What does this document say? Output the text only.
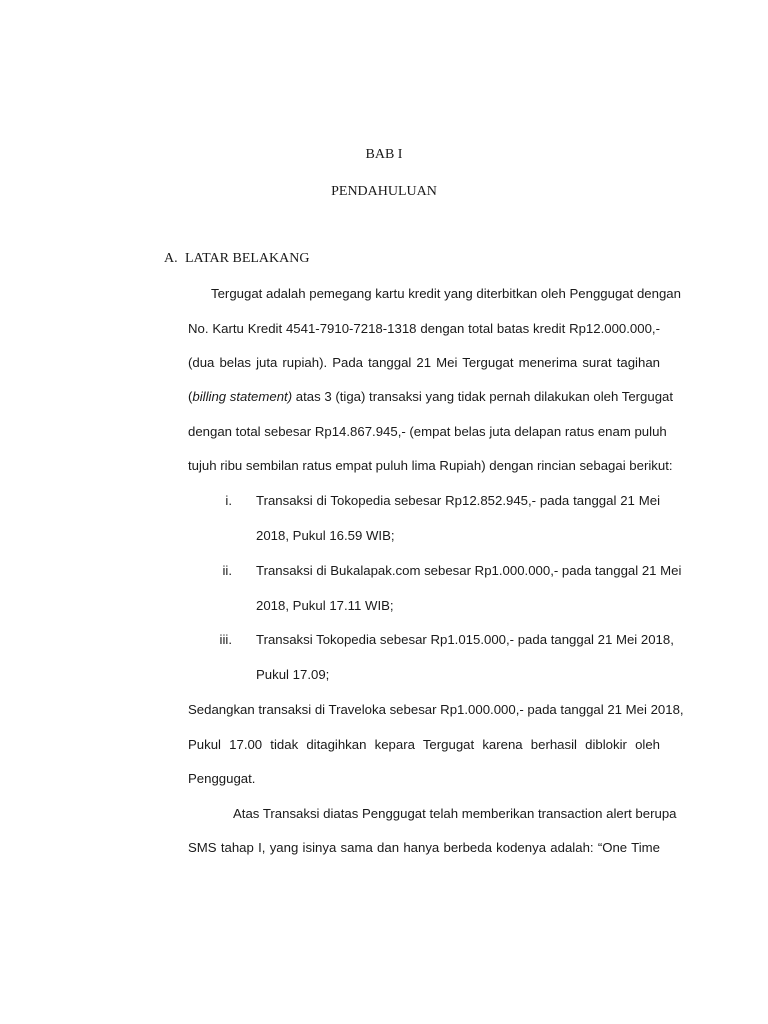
BAB I
PENDAHULUAN
A. LATAR BELAKANG
Tergugat adalah pemegang kartu kredit yang diterbitkan oleh Penggugat dengan
No. Kartu Kredit 4541-7910-7218-1318 dengan total batas kredit Rp12.000.000,-
(dua belas juta rupiah). Pada tanggal 21 Mei Tergugat menerima surat tagihan
(billing statement) atas 3 (tiga) transaksi yang tidak pernah dilakukan oleh Tergugat
dengan total sebesar Rp14.867.945,- (empat belas juta delapan ratus enam puluh
tujuh ribu sembilan ratus empat puluh lima Rupiah) dengan rincian sebagai berikut:
i. Transaksi di Tokopedia sebesar Rp12.852.945,- pada tanggal 21 Mei
2018, Pukul 16.59 WIB;
ii. Transaksi di Bukalapak.com sebesar Rp1.000.000,- pada tanggal 21 Mei
2018, Pukul 17.11 WIB;
iii. Transaksi Tokopedia sebesar Rp1.015.000,- pada tanggal 21 Mei 2018,
Pukul 17.09;
Sedangkan transaksi di Traveloka sebesar Rp1.000.000,- pada tanggal 21 Mei 2018,
Pukul 17.00 tidak ditagihkan kepara Tergugat karena berhasil diblokir oleh
Penggugat.
Atas Transaksi diatas Penggugat telah memberikan transaction alert berupa
SMS tahap I, yang isinya sama dan hanya berbeda kodenya adalah: “One Time
